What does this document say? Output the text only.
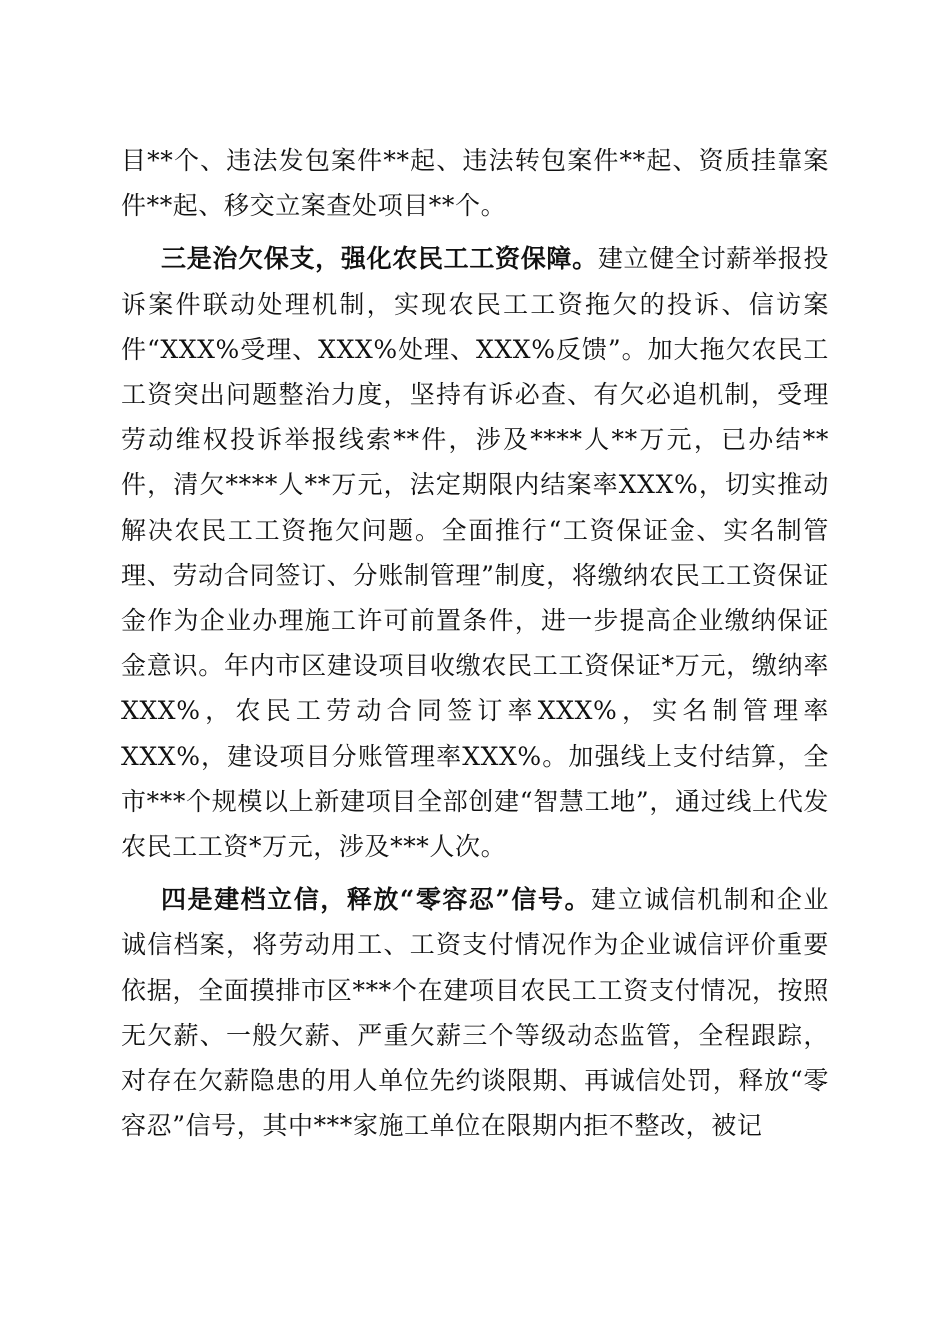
目**个、违法发包案件**起、违法转包案件**起、资质挂靠案件**起、移交立案查处项目**个。

三是治欠保支，强化农民工工资保障。建立健全讨薪举报投诉案件联动处理机制，实现农民工工资拖欠的投诉、信访案件“XXX%受理、XXX%处理、XXX%反馈”。加大拖欠农民工工资突出问题整治力度，坚持有诉必查、有欠必追机制，受理劳动维权投诉举报线索**件，涉及****人**万元，已办结**件，清欠****人**万元，法定期限内结案率XXX%，切实推动解决农民工工资拖欠问题。全面推行“工资保证金、实名制管理、劳动合同签订、分账制管理”制度，将缴纳农民工工资保证金作为企业办理施工许可前置条件，进一步提高企业缴纳保证金意识。年内市区建设项目收缴农民工工资保证*万元，缴纳率XXX%，农民工劳动合同签订率XXX%，实名制管理率XXX%，建设项目分账管理率XXX%。加强线上支付结算，全市***个规模以上新建项目全部创建“智慧工地”，通过线上代发农民工工资*万元，涉及***人次。

四是建档立信，释放“零容忍”信号。建立诚信机制和企业诚信档案，将劳动用工、工资支付情况作为企业诚信评价重要依据，全面摸排市区***个在建项目农民工工资支付情况，按照无欠薪、一般欠薪、严重欠薪三个等级动态监管，全程跟踪，对存在欠薪隐患的用人单位先约谈限期、再诚信处罚，释放“零容忍”信号，其中***家施工单位在限期内拒不整改，被记
